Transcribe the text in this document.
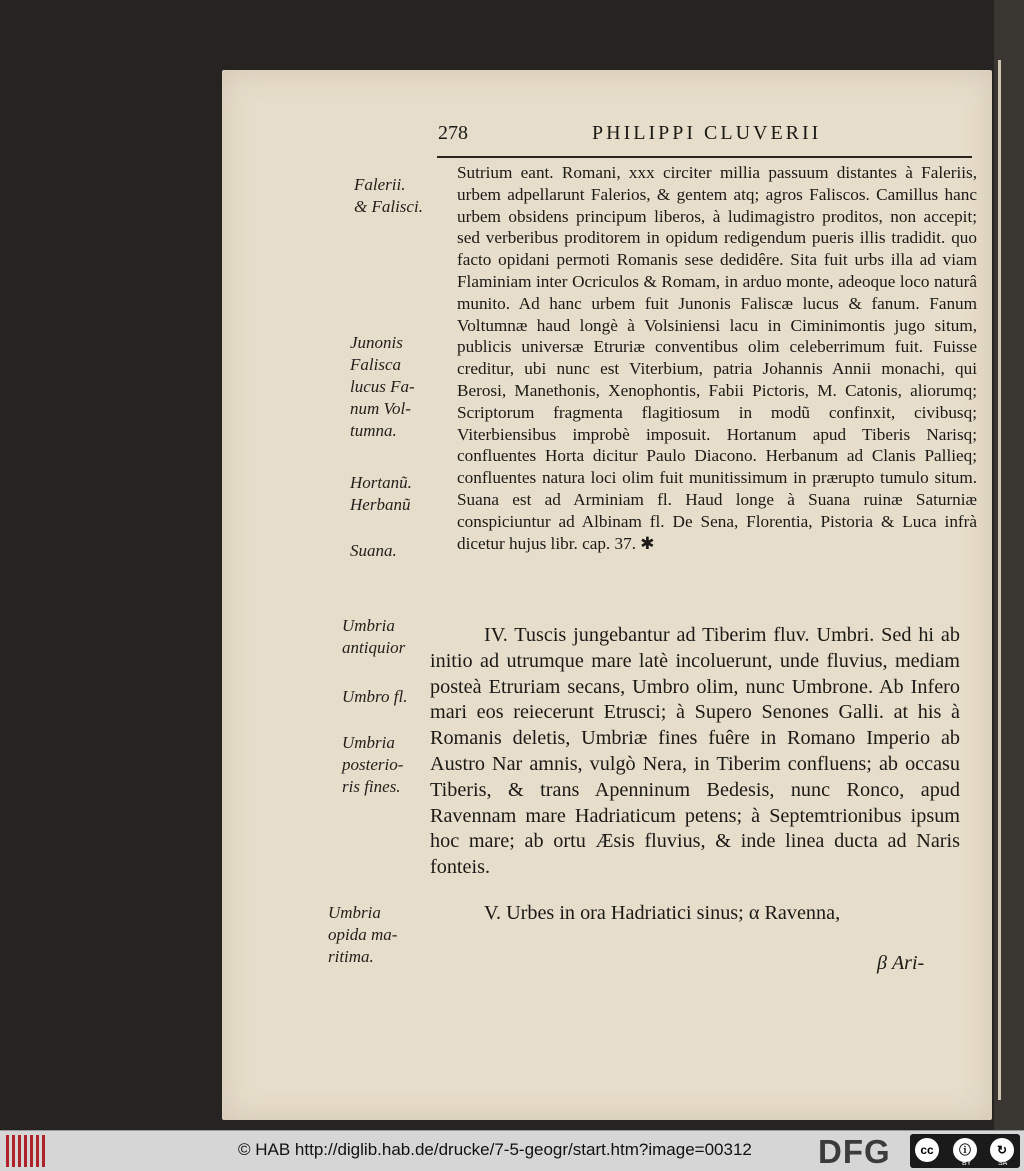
278	PHILIPPI CLUVERII
Falerii.
& Falisci.
Junonis
Falisca
lucus Fa-
num Vol-
tumna.
Hortanũ.
Herbanũ
Suana.
Umbria
antiquior
Umbro fl.
Umbria
posterio-
ris fines.
Umbria
opida ma-
ritima.

Sutrium eant. Romani, xxx circiter millia passuum distantes à Faleriis, urbem adpellarunt Falerios, & gentem atq; agros Faliscos. Camillus hanc urbem obsidens principum liberos, à ludimagistro proditos, non accepit; sed verberibus proditorem in opidum redigendum pueris illis tradidit. quo facto opidani permoti Romanis sese dedidêre. Sita fuit urbs illa ad viam Flaminiam inter Ocriculos & Romam, in arduo monte, adeoque loco naturâ munito. Ad hanc urbem fuit Junonis Faliscæ lucus & fanum. Fanum Voltumnæ haud longè à Volsiniensi lacu in Ciminimontis jugo situm, publicis universæ Etruriæ conventibus olim celeberrimum fuit. Fuisse creditur, ubi nunc est Viterbium, patria Johannis Annii monachi, qui Berosi, Manethonis, Xenophontis, Fabii Pictoris, M. Catonis, aliorumq; Scriptorum fragmenta flagitiosum in modũ confinxit, civibusq; Viterbiensibus improbè imposuit. Hortanum apud Tiberis Narisq; confluentes Horta dicitur Paulo Diacono. Herbanum ad Clanis Pallieq; confluentes natura loci olim fuit munitissimum in prærupto tumulo situm. Suana est ad Arminiam fl. Haud longe à Suana ruinæ Saturniæ conspiciuntur ad Albinam fl. De Sena, Florentia, Pistoria & Luca infrà dicetur hujus libr. cap. 37. ✱

IV. Tuscis jungebantur ad Tiberim fluv. Umbri. Sed hi ab initio ad utrumque mare latè incoluerunt, unde fluvius, mediam posteà Etruriam secans, Umbro olim, nunc Umbrone. Ab Infero mari eos reiecerunt Etrusci; à Supero Senones Galli. at his à Romanis deletis, Umbriæ fines fuêre in Romano Imperio ab Austro Nar amnis, vulgò Nera, in Tiberim confluens; ab occasu Tiberis, & trans Apenninum Bedesis, nunc Ronco, apud Ravennam mare Hadriaticum petens; à Septemtrionibus ipsum hoc mare; ab ortu Æsis fluvius, & inde linea ducta ad Naris fonteis.

V. Urbes in ora Hadriatici sinus; α Ravenna,

β Ari-
© HAB http://diglib.hab.de/drucke/7-5-geogr/start.htm?image=00312 DFG	cc	ⓘ	↻
BY	SA
